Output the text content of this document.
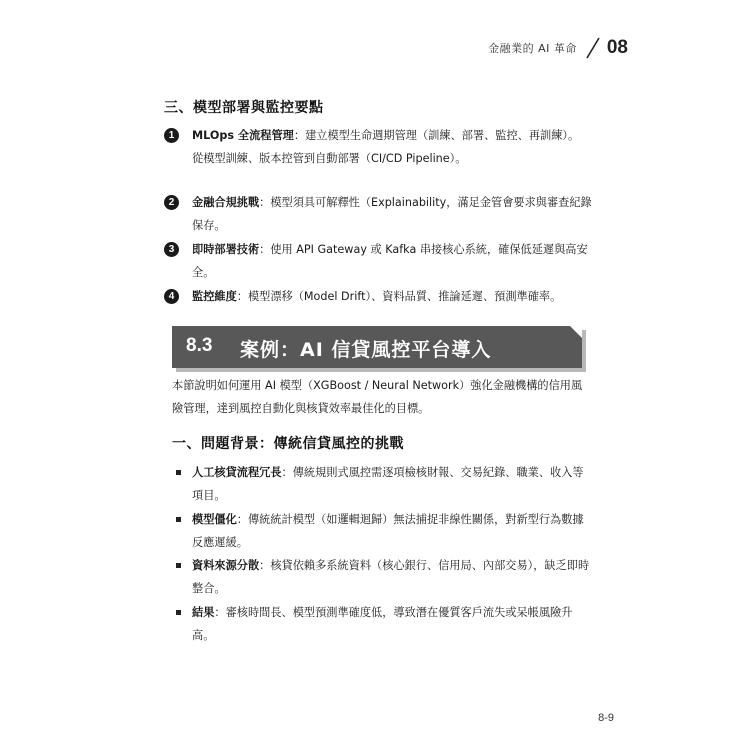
金融業的 AI 革命 08
三、模型部署與監控要點
1	MLOps 全流程管理：建立模型生命週期管理（訓練、部署、監控、再訓練）。
從模型訓練、版本控管到自動部署（CI/CD Pipeline）。
2	金融合規挑戰：模型須具可解釋性（Explainability，滿足金管會要求與審查紀錄保存。
3	即時部署技術：使用 API Gateway 或 Kafka 串接核心系統，確保低延遲與高安全。
4	監控維度：模型漂移（Model Drift）、資料品質、推論延遲、預測準確率。
8.3 案例：AI 信貸風控平台導入
本節說明如何運用 AI 模型（XGBoost / Neural Network）強化金融機構的信用風險管理，達到風控自動化與核貸效率最佳化的目標。
一、問題背景：傳統信貸風控的挑戰
人工核貸流程冗長：傳統規則式風控需逐項檢核財報、交易紀錄、職業、收入等項目。
模型僵化：傳統統計模型（如邏輯迴歸）無法捕捉非線性關係，對新型行為數據反應遲緩。
資料來源分散：核貸依賴多系統資料（核心銀行、信用局、內部交易），缺乏即時整合。
結果：審核時間長、模型預測準確度低，導致潛在優質客戶流失或呆帳風險升高。
8-9
